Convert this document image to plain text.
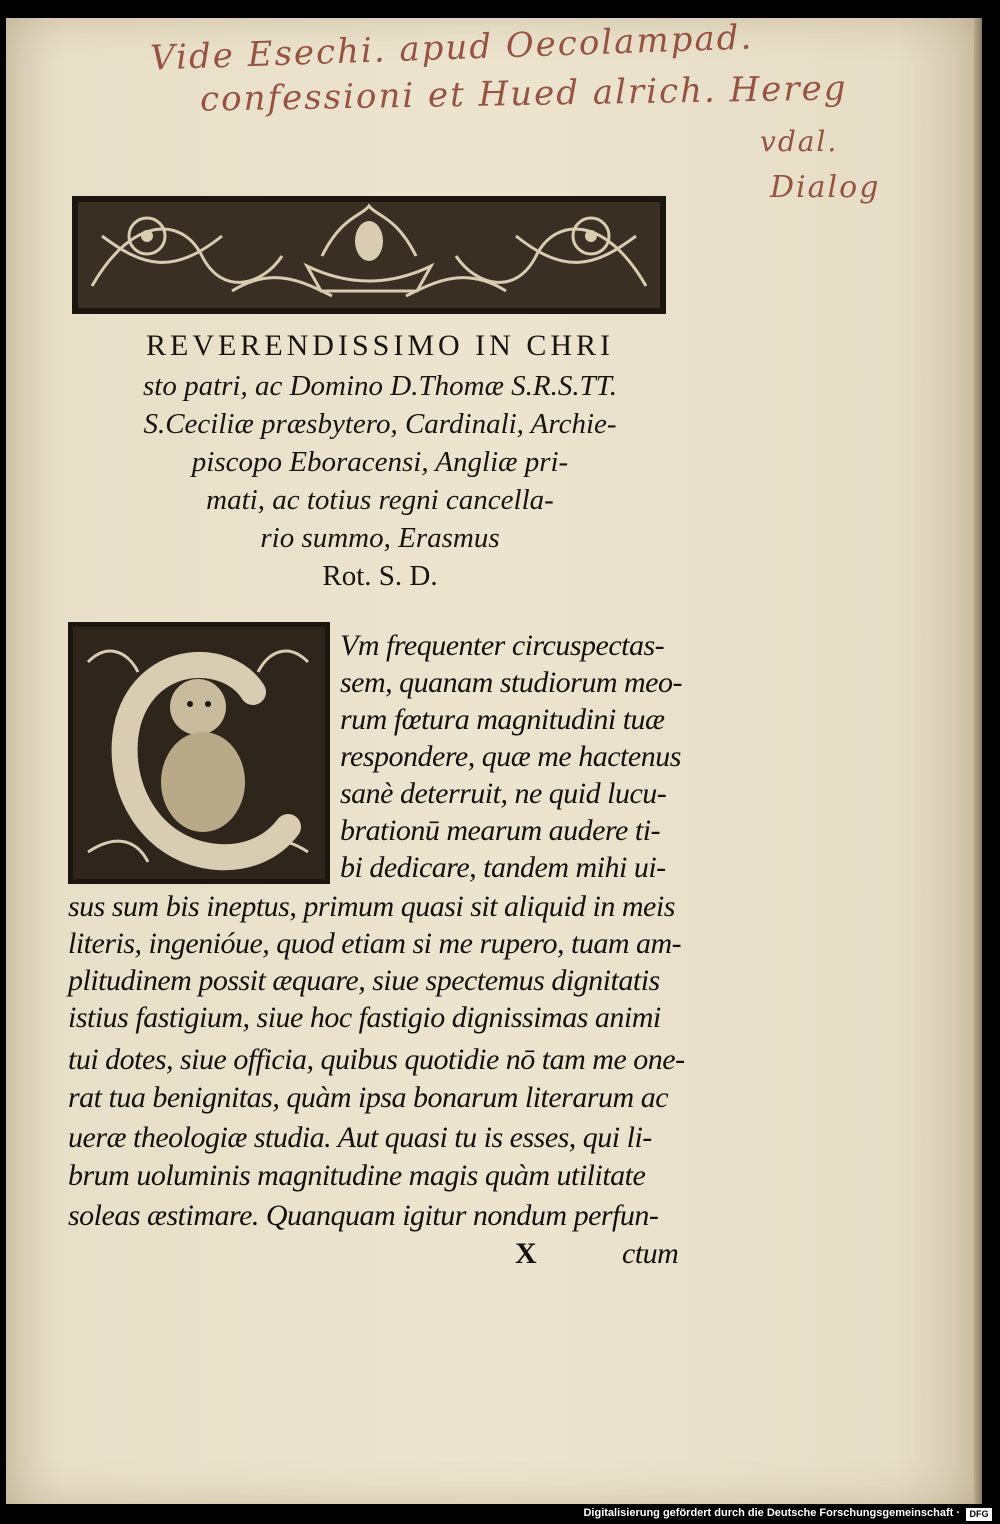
Vide Esechi. apud Oecolampad.
confessioni et Hued alrich. Hereg
vdal.
Dialog
REVERENDISSIMO IN CHRI
sto patri, ac Domino D.Thomæ S.R.S.TT.
S.Ceciliæ præsbytero, Cardinali, Archie-
piscopo Eboracensi, Angliæ pri-
mati, ac totius regni cancella-
rio summo, Erasmus
Rot. S. D.
Vm frequenter circuspectas-
sem, quanam studiorum meo-
rum fœtura magnitudini tuæ
respondere, quæ me hactenus
sanè deterruit, ne quid lucu-
brationū mearum audere ti-
bi dedicare, tandem mihi ui-
sus sum bis ineptus, primum quasi sit aliquid in meis
literis, ingenióue, quod etiam si me rupero, tuam am-
plitudinem possit æquare, siue spectemus dignitatis
istius fastigium, siue hoc fastigio dignissimas animi
tui dotes, siue officia, quibus quotidie nō tam me one-
rat tua benignitas, quàm ipsa bonarum literarum ac
ueræ theologiæ studia. Aut quasi tu is esses, qui li-
brum uoluminis magnitudine magis quàm utilitate
soleas æstimare. Quanquam igitur nondum perfun-
X	ctum
Digitalisierung gefördert durch die Deutsche Forschungsgemeinschaft ·	DFG
